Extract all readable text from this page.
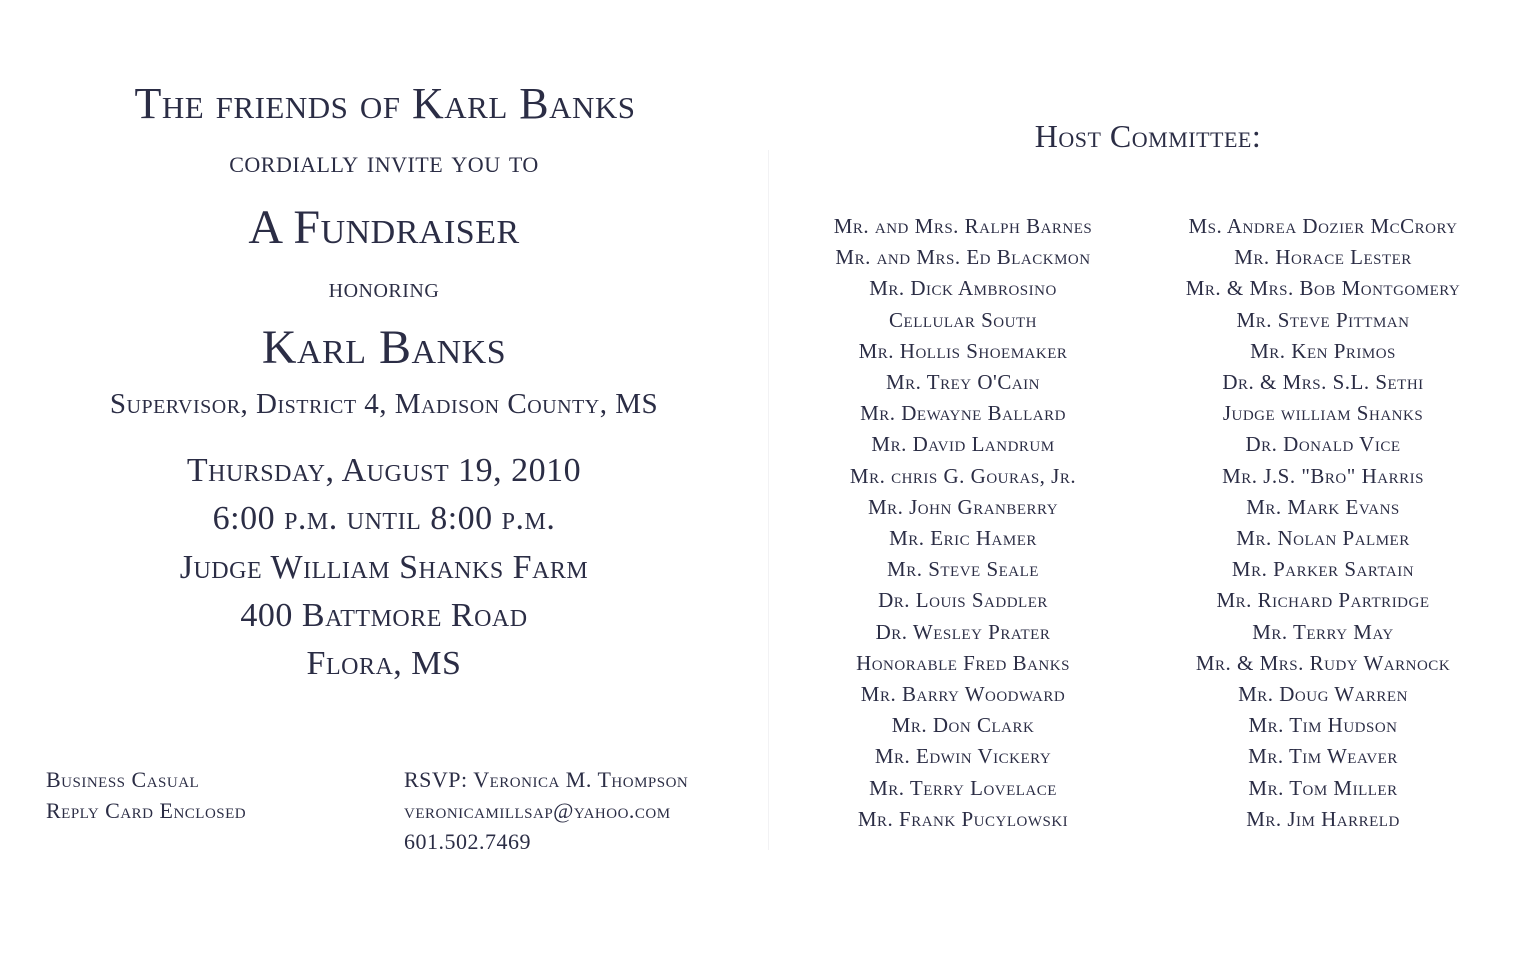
The friends of Karl Banks
cordially invite you to
A Fundraiser
honoring
Karl Banks
Supervisor, District 4, Madison County, MS
Thursday, August 19, 2010
6:00 p.m. until 8:00 p.m.
Judge William Shanks Farm
400 Battmore Road
Flora, MS
Business Casual
Reply Card Enclosed
RSVP: Veronica M. Thompson
veronicamillsap@yahoo.com
601.502.7469
Host Committee:
Mr. and Mrs. Ralph Barnes
Mr. and Mrs. Ed Blackmon
Mr. Dick Ambrosino
Cellular South
Mr. Hollis Shoemaker
Mr. Trey O'Cain
Mr. Dewayne Ballard
Mr. David Landrum
Mr. chris G. Gouras, Jr.
Mr. John Granberry
Mr. Eric Hamer
Mr. Steve Seale
Dr. Louis Saddler
Dr. Wesley Prater
Honorable Fred Banks
Mr. Barry Woodward
Mr. Don Clark
Mr. Edwin Vickery
Mr. Terry Lovelace
Mr. Frank Pucylowski
Ms. Andrea Dozier McCrory
Mr. Horace Lester
Mr. & Mrs. Bob Montgomery
Mr. Steve Pittman
Mr. Ken Primos
Dr. & Mrs. S.L. Sethi
Judge william Shanks
Dr. Donald Vice
Mr. J.S. "Bro" Harris
Mr. Mark Evans
Mr. Nolan Palmer
Mr. Parker Sartain
Mr. Richard Partridge
Mr. Terry May
Mr. & Mrs. Rudy Warnock
Mr. Doug Warren
Mr. Tim Hudson
Mr. Tim Weaver
Mr. Tom Miller
Mr. Jim Harreld
